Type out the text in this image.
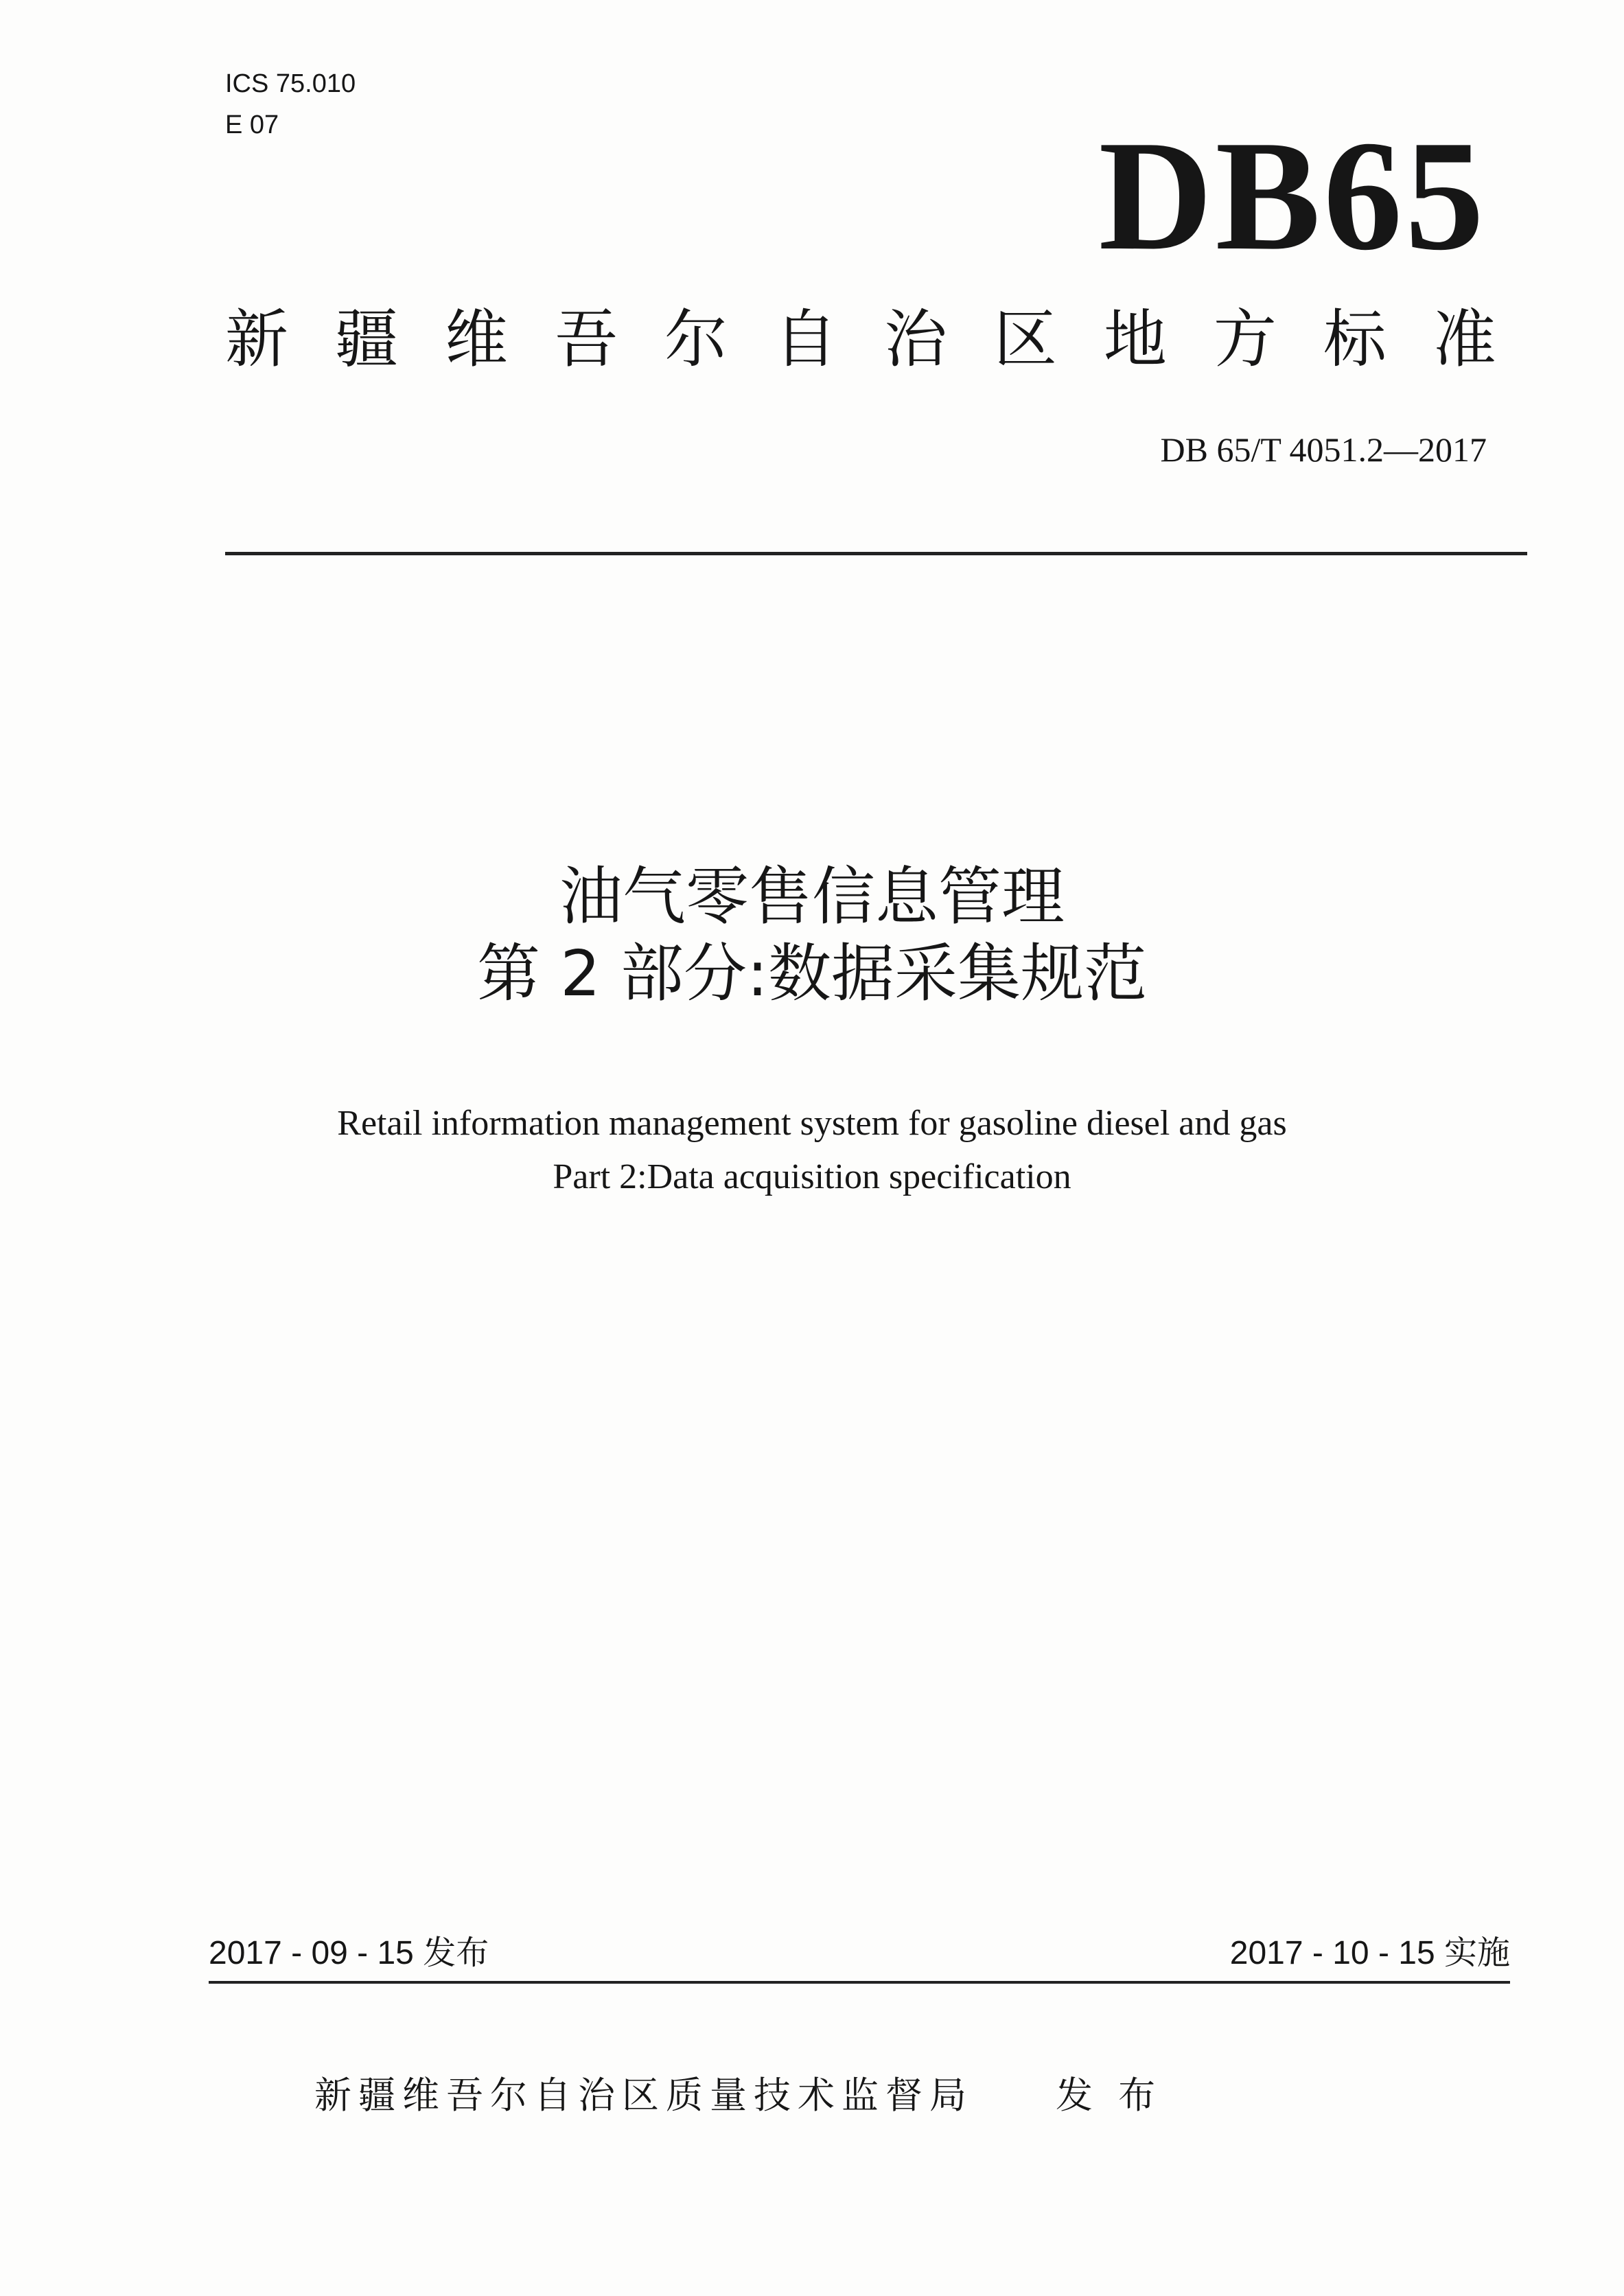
ICS 75.010
E 07	DB65
新 疆 维 吾 尔 自 治 区 地 方 标 准
DB 65/T 4051.2—2017
油气零售信息管理
第 2 部分:数据采集规范
Retail information management system for gasoline diesel and gas
Part 2:Data acquisition specification
2017 - 09 - 15 发布	2017 - 10 - 15 实施
新疆维吾尔自治区质量技术监督局 发 布
